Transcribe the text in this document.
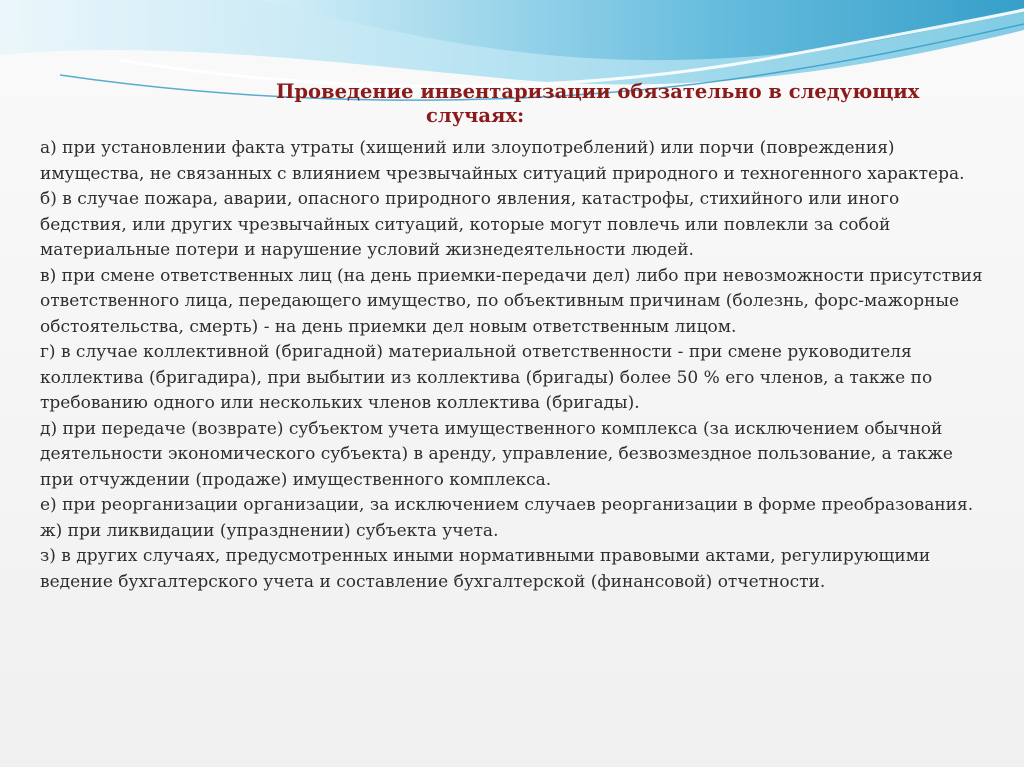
Проведение инвентаризации обязательно в следующих
случаях:

а) при установлении факта утраты (хищений или злоупотреблений) или порчи (повреждения) имущества, не связанных с влиянием чрезвычайных ситуаций природного и техногенного характера.

б) в случае пожара, аварии, опасного природного явления, катастрофы, стихийного или иного бедствия, или других чрезвычайных ситуаций, которые могут повлечь или повлекли за собой материальные потери и нарушение условий жизнедеятельности людей.

в) при смене ответственных лиц (на день приемки-передачи дел) либо при невозможности присутствия ответственного лица, передающего имущество, по объективным причинам (болезнь, форс-мажорные обстоятельства, смерть) - на день приемки дел новым ответственным лицом.

г) в случае коллективной (бригадной) материальной ответственности - при смене руководителя коллектива (бригадира), при выбытии из коллектива (бригады) более 50 % его членов, а также по требованию одного или нескольких членов коллектива (бригады).

д) при передаче (возврате) субъектом учета имущественного комплекса (за исключением обычной деятельности экономического субъекта) в аренду, управление, безвозмездное пользование, а также при отчуждении (продаже) имущественного комплекса.

е) при реорганизации организации, за исключением случаев реорганизации в форме преобразования.

ж) при ликвидации (упразднении) субъекта учета.

з) в других случаях, предусмотренных иными нормативными правовыми актами, регулирующими ведение бухгалтерского учета и составление бухгалтерской (финансовой) отчетности.
